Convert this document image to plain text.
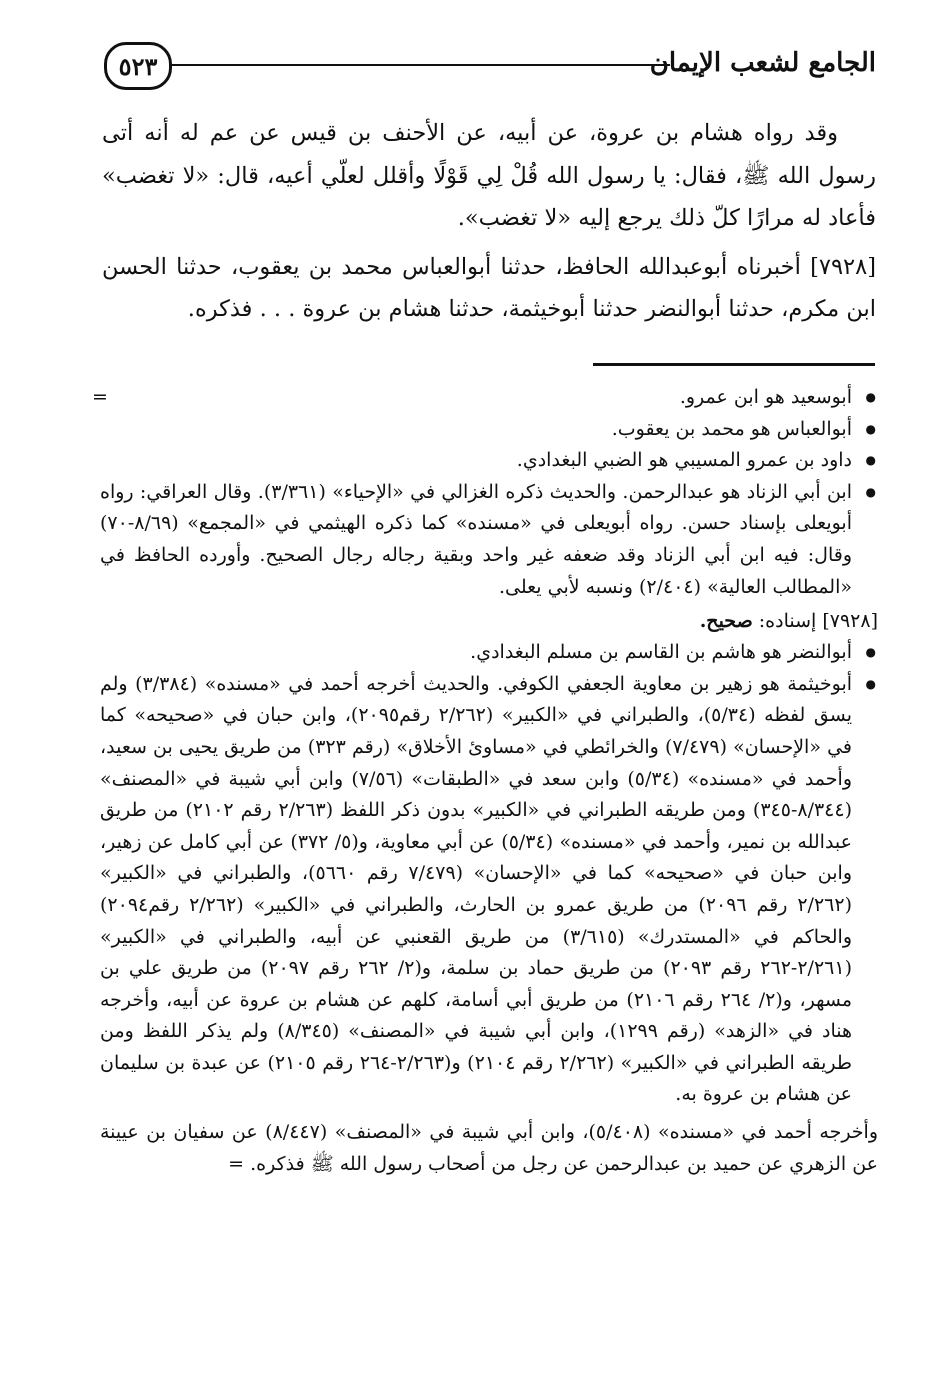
٥٢٣	الجامع لشعب الإيمان

وقد رواه هشام بن عروة، عن أبيه، عن الأحنف بن قيس عن عم له أنه أتى رسول الله ﷺ، فقال: يا رسول الله قُلْ لِي قَوْلًا وأقلل لعلّي أعيه، قال: «لا تغضب» فأعاد له مرارًا كلّ ذلك يرجع إليه «لا تغضب».

[٧٩٢٨] أخبرناه أبوعبدالله الحافظ، حدثنا أبوالعباس محمد بن يعقوب، حدثنا الحسن ابن مكرم، حدثنا أبوالنضر حدثنا أبوخيثمة، حدثنا هشام بن عروة . . . فذكره.

● =	أبوسعيد هو ابن عمرو.
● أبوالعباس هو محمد بن يعقوب.
● داود بن عمرو المسيبي هو الضبي البغدادي.
● ابن أبي الزناد هو عبدالرحمن. والحديث ذكره الغزالي في «الإحياء» (٣/٣٦١). وقال العراقي: رواه أبويعلى بإسناد حسن. رواه أبويعلى في «مسنده» كما ذكره الهيثمي في «المجمع» (٨/٦٩-٧٠) وقال: فيه ابن أبي الزناد وقد ضعفه غير واحد وبقية رجاله رجال الصحيح. وأورده الحافظ في «المطالب العالية» (٢/٤٠٤) ونسبه لأبي يعلى.
[٧٩٢٨] إسناده: صحيح.
● أبوالنضر هو هاشم بن القاسم بن مسلم البغدادي.
● أبوخيثمة هو زهير بن معاوية الجعفي الكوفي. والحديث أخرجه أحمد في «مسنده» (٣/٣٨٤) ولم يسق لفظه (٥/٣٤)، والطبراني في «الكبير» (٢/٢٦٢ رقم٢٠٩٥)، وابن حبان في «صحيحه» كما في «الإحسان» (٧/٤٧٩) والخرائطي في «مساوئ الأخلاق» (رقم ٣٢٣) من طريق يحيى بن سعيد، وأحمد في «مسنده» (٥/٣٤) وابن سعد في «الطبقات» (٧/٥٦) وابن أبي شيبة في «المصنف» (٨/٣٤٤-٣٤٥) ومن طريقه الطبراني في «الكبير» بدون ذكر اللفظ (٢/٢٦٣ رقم ٢١٠٢) من طريق عبدالله بن نمير، وأحمد في «مسنده» (٥/٣٤) عن أبي معاوية، و(٥/ ٣٧٢) عن أبي كامل عن زهير، وابن حبان في «صحيحه» كما في «الإحسان» (٧/٤٧٩ رقم ٥٦٦٠)، والطبراني في «الكبير» (٢/٢٦٢ رقم ٢٠٩٦) من طريق عمرو بن الحارث، والطبراني في «الكبير» (٢/٢٦٢ رقم٢٠٩٤) والحاكم في «المستدرك» (٣/٦١٥) من طريق القعنبي عن أبيه، والطبراني في «الكبير» (٢/٢٦١-٢٦٢ رقم ٢٠٩٣) من طريق حماد بن سلمة، و(٢/ ٢٦٢ رقم ٢٠٩٧) من طريق علي بن مسهر، و(٢/ ٢٦٤ رقم ٢١٠٦) من طريق أبي أسامة، كلهم عن هشام بن عروة عن أبيه، وأخرجه هناد في «الزهد» (رقم ١٢٩٩)، وابن أبي شيبة في «المصنف» (٨/٣٤٥) ولم يذكر اللفظ ومن طريقه الطبراني في «الكبير» (٢/٢٦٢ رقم ٢١٠٤) و(٢/٢٦٣-٢٦٤ رقم ٢١٠٥) عن عبدة بن سليمان عن هشام بن عروة به.

وأخرجه أحمد في «مسنده» (٥/٤٠٨)، وابن أبي شيبة في «المصنف» (٨/٤٤٧) عن سفيان بن عيينة عن الزهري عن حميد بن عبدالرحمن عن رجل من أصحاب رسول الله ﷺ فذكره. =
